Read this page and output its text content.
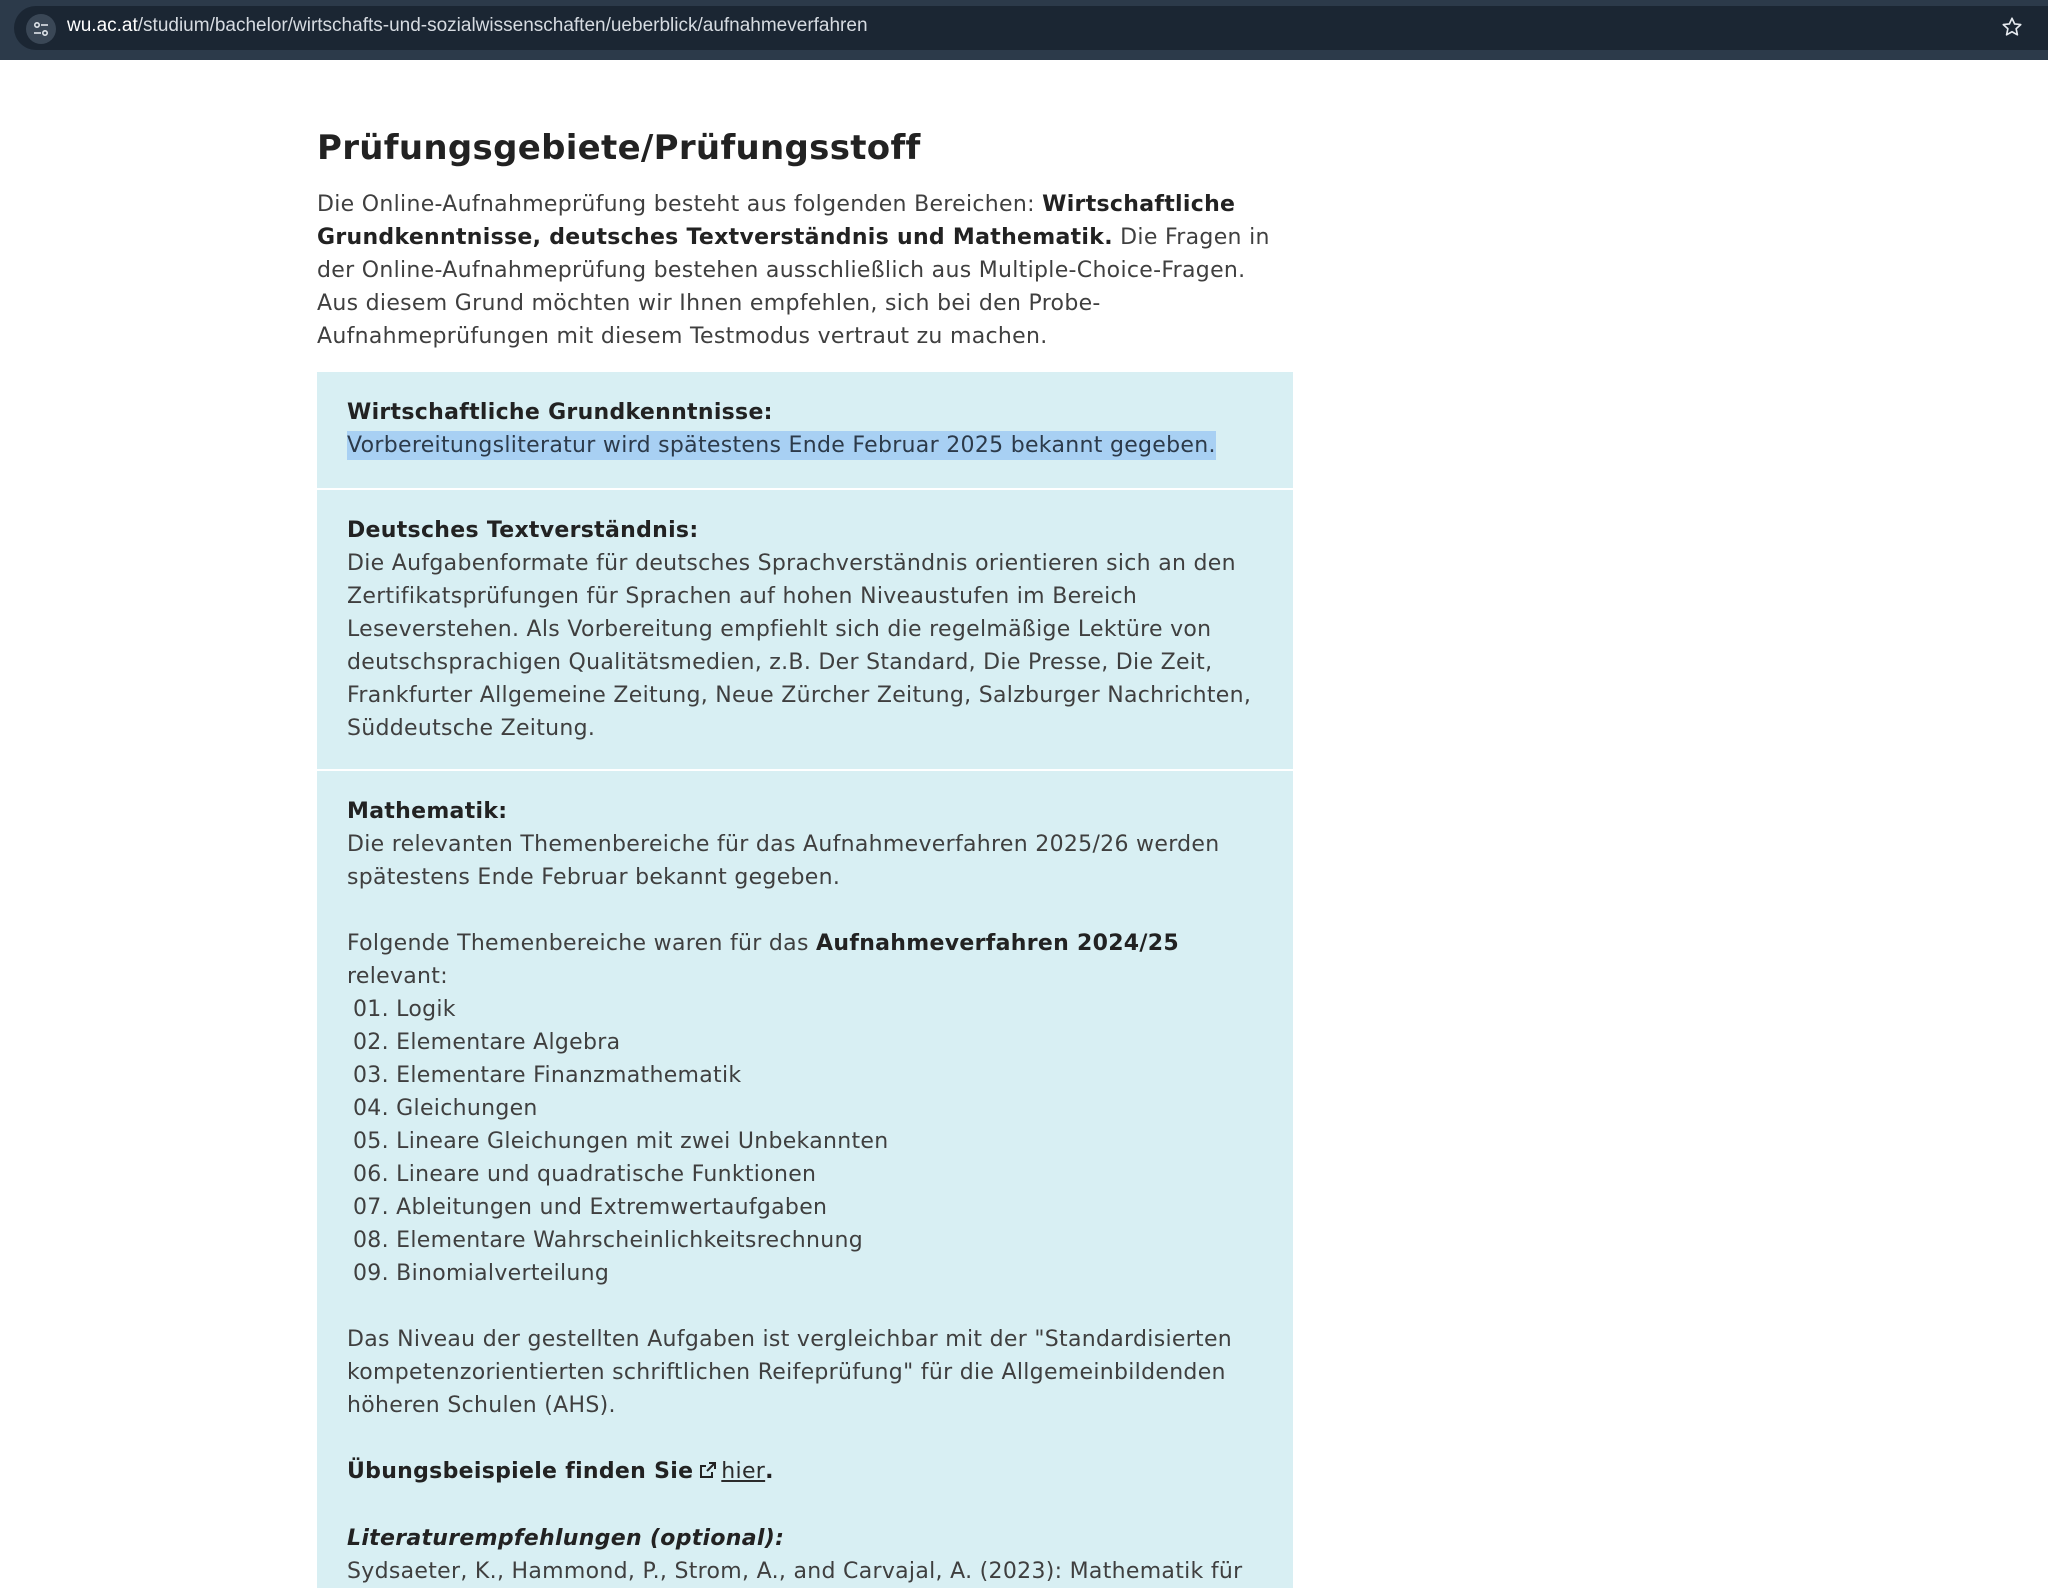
wu.ac.at/studium/bachelor/wirtschafts-und-sozialwissenschaften/ueberblick/aufnahmeverfahren
Prüfungsgebiete/Prüfungsstoff

Die Online-Aufnahmeprüfung besteht aus folgenden Bereichen: Wirtschaftliche Grundkenntnisse, deutsches Textverständnis und Mathematik. Die Fragen in der Online-Aufnahmeprüfung bestehen ausschließlich aus Multiple-Choice-Fragen. Aus diesem Grund möchten wir Ihnen empfehlen, sich bei den Probe-Aufnahmeprüfungen mit diesem Testmodus vertraut zu machen.

Wirtschaftliche Grundkenntnisse:
Vorbereitungsliteratur wird spätestens Ende Februar 2025 bekannt gegeben.
Deutsches Textverständnis:
Die Aufgabenformate für deutsches Sprachverständnis orientieren sich an den Zertifikatsprüfungen für Sprachen auf hohen Niveaustufen im Bereich Leseverstehen. Als Vorbereitung empfiehlt sich die regelmäßige Lektüre von deutschsprachigen Qualitätsmedien, z.B. Der Standard, Die Presse, Die Zeit, Frankfurter Allgemeine Zeitung, Neue Zürcher Zeitung, Salzburger Nachrichten, Süddeutsche Zeitung.
Mathematik:
Die relevanten Themenbereiche für das Aufnahmeverfahren 2025/26 werden spätestens Ende Februar bekannt gegeben.
Folgende Themenbereiche waren für das Aufnahmeverfahren 2024/25 relevant:
01. Logik
02. Elementare Algebra
03. Elementare Finanzmathematik
04. Gleichungen
05. Lineare Gleichungen mit zwei Unbekannten
06. Lineare und quadratische Funktionen
07. Ableitungen und Extremwertaufgaben
08. Elementare Wahrscheinlichkeitsrechnung
09. Binomialverteilung
Das Niveau der gestellten Aufgaben ist vergleichbar mit der "Standardisierten kompetenzorientierten schriftlichen Reifeprüfung" für die Allgemeinbildenden höheren Schulen (AHS).
Übungsbeispiele finden Sie hier.
Literaturempfehlungen (optional):
Sydsaeter, K., Hammond, P., Strom, A., and Carvajal, A. (2023): Mathematik für
